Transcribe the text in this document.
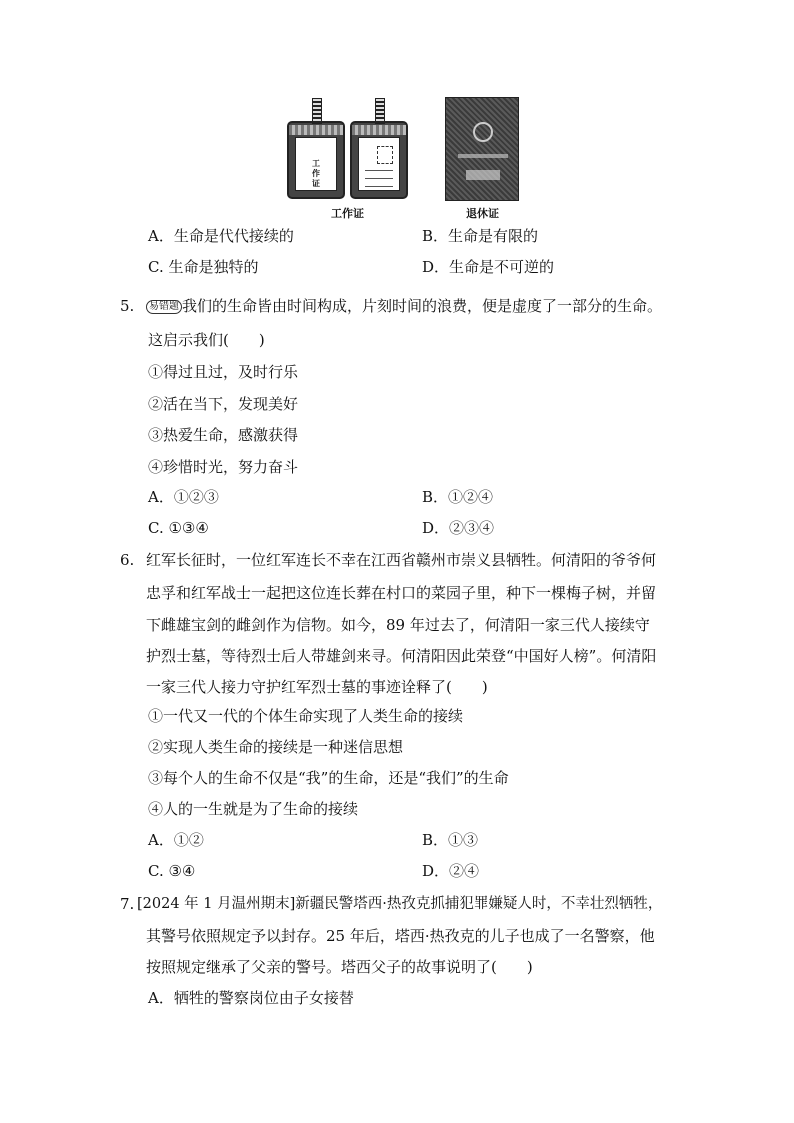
工
作
证
工作证	退休证
A．生命是代代接续的	B．生命是有限的
C. 生命是独特的	D．生命是不可逆的
5.	易错题 我们的生命皆由时间构成，片刻时间的浪费，便是虚度了一部分的生命。
这启示我们(　　)
①得过且过，及时行乐
②活在当下，发现美好
③热爱生命，感激获得
④珍惜时光，努力奋斗
A．①②③	B．①②④
C. ①③④	D．②③④
6. 红军长征时，一位红军连长不幸在江西省赣州市崇义县牺牲。何清阳的爷爷何
忠孚和红军战士一起把这位连长葬在村口的菜园子里，种下一棵梅子树，并留
下雌雄宝剑的雌剑作为信物。如今，89 年过去了，何清阳一家三代人接续守
护烈士墓，等待烈士后人带雄剑来寻。何清阳因此荣登“中国好人榜”。何清阳
一家三代人接力守护红军烈士墓的事迹诠释了(　　)
①一代又一代的个体生命实现了人类生命的接续
②实现人类生命的接续是一种迷信思想
③每个人的生命不仅是“我”的生命，还是“我们”的生命
④人的一生就是为了生命的接续
A．①②	B．①③
C. ③④	D．②④
7. [2024 年 1 月温州期末]新疆民警塔西·热孜克抓捕犯罪嫌疑人时，不幸壮烈牺牲，
其警号依照规定予以封存。25 年后，塔西·热孜克的儿子也成了一名警察，他
按照规定继承了父亲的警号。塔西父子的故事说明了(　　)
A．牺牲的警察岗位由子女接替
